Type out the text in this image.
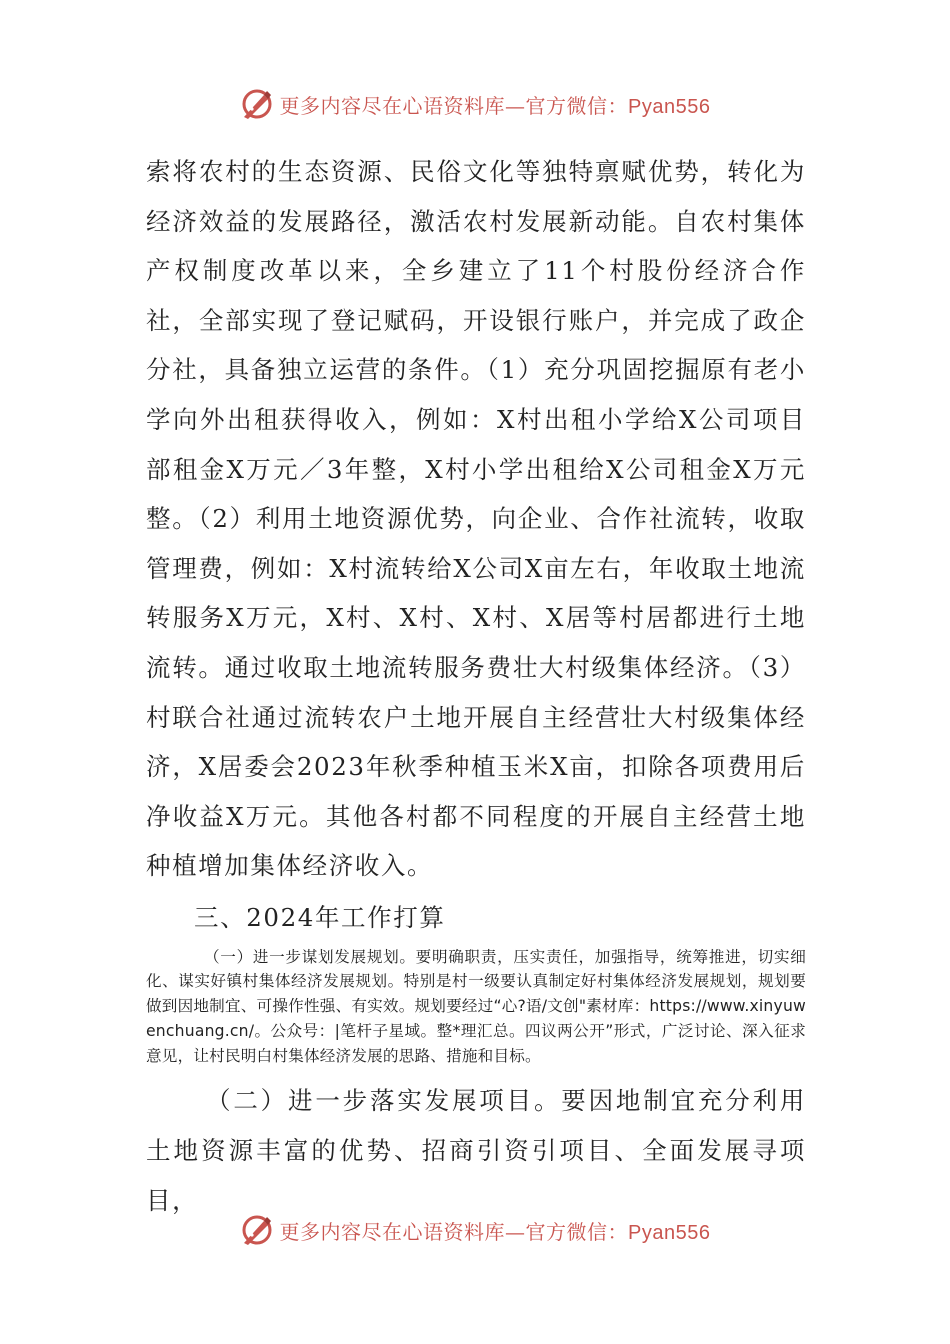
更多内容尽在心语资料库—官方微信：Pyan556

索将农村的生态资源、民俗文化等独特禀赋优势，转化为经济效益的发展路径，激活农村发展新动能。自农村集体产权制度改革以来，全乡建立了11个村股份经济合作社，全部实现了登记赋码，开设银行账户，并完成了政企分社，具备独立运营的条件。（1）充分巩固挖掘原有老小学向外出租获得收入，例如：X村出租小学给X公司项目部租金X万元／3年整，X村小学出租给X公司租金X万元整。（2）利用土地资源优势，向企业、合作社流转，收取管理费，例如：X村流转给X公司X亩左右，年收取土地流转服务X万元，X村、X村、X村、X居等村居都进行土地流转。通过收取土地流转服务费壮大村级集体经济。（3）村联合社通过流转农户土地开展自主经营壮大村级集体经济，X居委会2023年秋季种植玉米X亩，扣除各项费用后净收益X万元。其他各村都不同程度的开展自主经营土地种植增加集体经济收入。

三、2024年工作打算

（一）进一步谋划发展规划。要明确职责，压实责任，加强指导，统筹推进，切实细化、谋实好镇村集体经济发展规划。特别是村一级要认真制定好村集体经济发展规划，规划要做到因地制宜、可操作性强、有实效。规划要经过“心?语/文创"素材库：https://www.xinyuwenchuang.cn/。公众号：|笔杆子星域。整*理汇总。四议两公开”形式，广泛讨论、深入征求意见，让村民明白村集体经济发展的思路、措施和目标。

（二）进一步落实发展项目。要因地制宜充分利用土地资源丰富的优势、招商引资引项目、全面发展寻项目，

更多内容尽在心语资料库—官方微信：Pyan556
